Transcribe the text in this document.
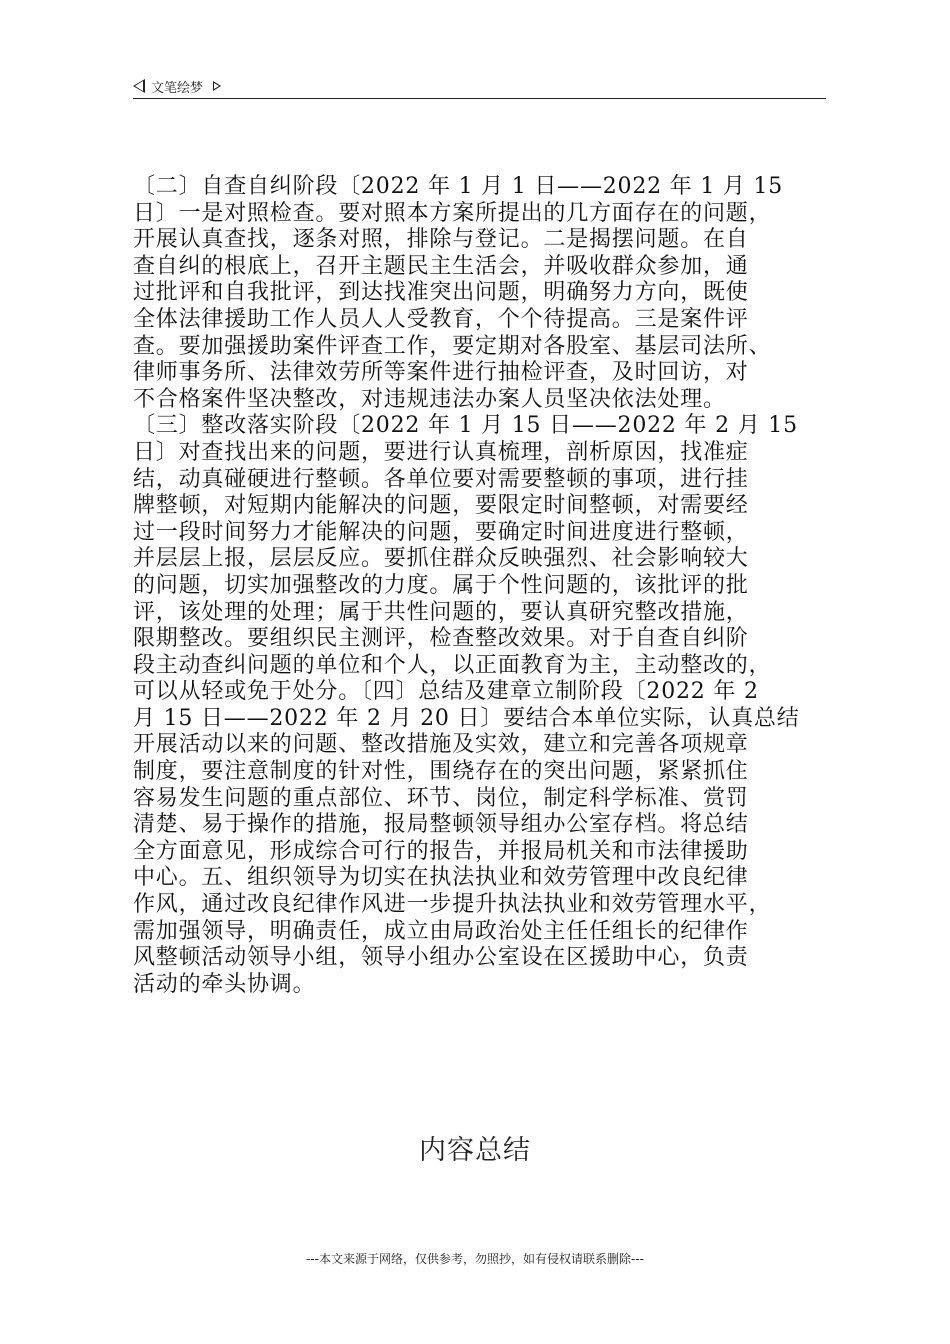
文笔绘梦
〔二〕自查自纠阶段〔2022 年 1 月 1 日——2022 年 1 月 15
日〕一是对照检查。要对照本方案所提出的几方面存在的问题，
开展认真查找，逐条对照，排除与登记。二是揭摆问题。在自
查自纠的根底上，召开主题民主生活会，并吸收群众参加，通
过批评和自我批评，到达找准突出问题，明确努力方向，既使
全体法律援助工作人员人人受教育，个个待提高。三是案件评
查。要加强援助案件评查工作，要定期对各股室、基层司法所、
律师事务所、法律效劳所等案件进行抽检评查，及时回访，对
不合格案件坚决整改，对违规违法办案人员坚决依法处理。
〔三〕整改落实阶段〔2022 年 1 月 15 日——2022 年 2 月 15
日〕对查找出来的问题，要进行认真梳理，剖析原因，找准症
结，动真碰硬进行整顿。各单位要对需要整顿的事项，进行挂
牌整顿，对短期内能解决的问题，要限定时间整顿，对需要经
过一段时间努力才能解决的问题，要确定时间进度进行整顿，
并层层上报，层层反应。要抓住群众反映强烈、社会影响较大
的问题，切实加强整改的力度。属于个性问题的，该批评的批
评，该处理的处理；属于共性问题的，要认真研究整改措施，
限期整改。要组织民主测评，检查整改效果。对于自查自纠阶
段主动查纠问题的单位和个人，以正面教育为主，主动整改的，
可以从轻或免于处分。〔四〕总结及建章立制阶段〔2022 年 2
月 15 日——2022 年 2 月 20 日〕要结合本单位实际，认真总结
开展活动以来的问题、整改措施及实效，建立和完善各项规章
制度，要注意制度的针对性，围绕存在的突出问题，紧紧抓住
容易发生问题的重点部位、环节、岗位，制定科学标准、赏罚
清楚、易于操作的措施，报局整顿领导组办公室存档。将总结
全方面意见，形成综合可行的报告，并报局机关和市法律援助
中心。五、组织领导为切实在执法执业和效劳管理中改良纪律
作风，通过改良纪律作风进一步提升执法执业和效劳管理水平，
需加强领导，明确责任，成立由局政治处主任任组长的纪律作
风整顿活动领导小组，领导小组办公室设在区援助中心，负责
活动的牵头协调。
内容总结
---本文来源于网络，仅供参考，勿照抄，如有侵权请联系删除---
